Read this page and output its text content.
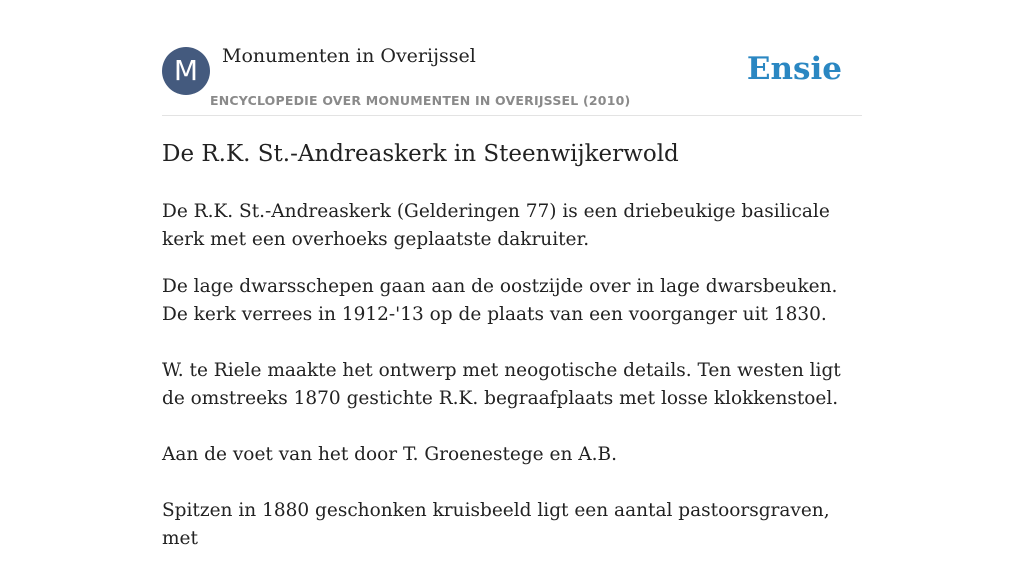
M	Monumenten in Overijssel
ENCYCLOPEDIE OVER MONUMENTEN IN OVERIJSSEL (2010)
Ensie
De R.K. St.-Andreaskerk in Steenwijkerwold

De R.K. St.-Andreaskerk (Gelderingen 77) is een driebeukige basilicale kerk met een overhoeks geplaatste dakruiter.

De lage dwarsschepen gaan aan de oostzijde over in lage dwarsbeuken. De kerk verrees in 1912-'13 op de plaats van een voorganger uit 1830.

W. te Riele maakte het ontwerp met neogotische details. Ten westen ligt de omstreeks 1870 gestichte R.K. begraafplaats met losse klokkenstoel.

Aan de voet van het door T. Groenestege en A.B.

Spitzen in 1880 geschonken kruisbeeld ligt een aantal pastoorsgraven, met
